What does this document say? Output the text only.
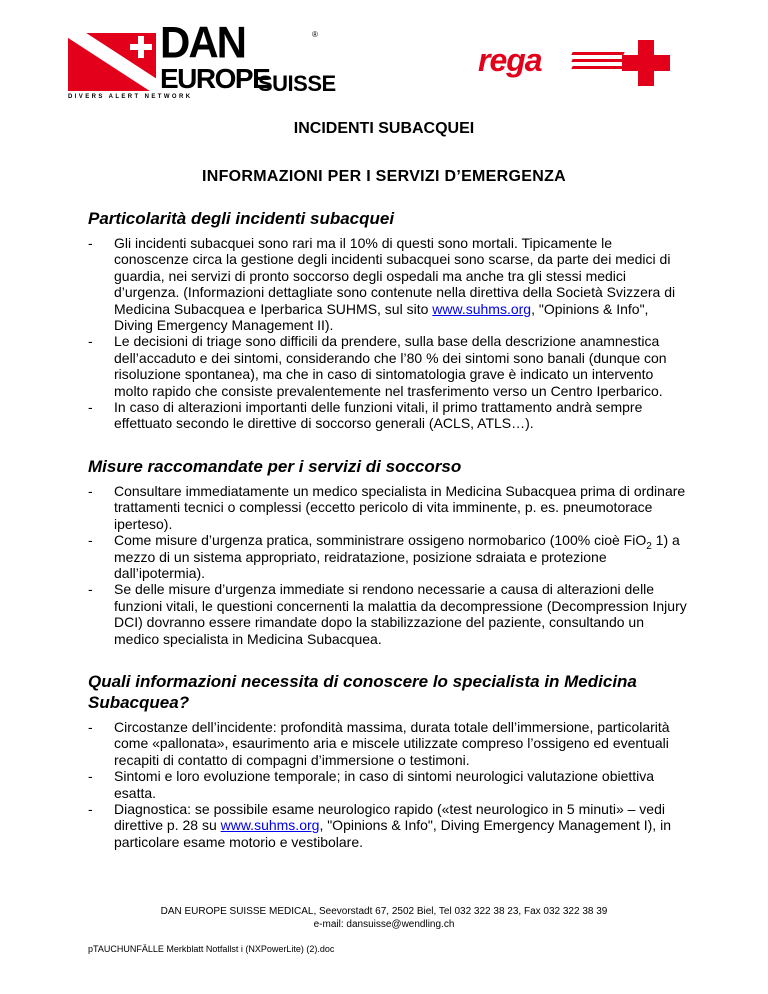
DAN	®
EUROPE
SUISSE
DIVERS ALERT NETWORK
rega
INCIDENTI SUBACQUEI
INFORMAZIONI PER I SERVIZI D’EMERGENZA
Particolarità degli incidenti subacquei
- Gli incidenti subacquei sono rari ma il 10% di questi sono mortali. Tipicamente le conoscenze circa la gestione degli incidenti subacquei sono scarse, da parte dei medici di guardia, nei servizi di pronto soccorso degli ospedali ma anche tra gli stessi medici d’urgenza. (Informazioni dettagliate sono contenute nella direttiva della Società Svizzera di Medicina Subacquea e Iperbarica SUHMS, sul sito www.suhms.org, "Opinions & Info", Diving Emergency Management II).
- Le decisioni di triage sono difficili da prendere, sulla base della descrizione anamnestica dell’accaduto e dei sintomi, considerando che l’80 % dei sintomi sono banali (dunque con risoluzione spontanea), ma che in caso di sintomatologia grave è indicato un intervento molto rapido che consiste prevalentemente nel trasferimento verso un Centro Iperbarico.
- In caso di alterazioni importanti delle funzioni vitali, il primo trattamento andrà sempre effettuato secondo le direttive di soccorso generali (ACLS, ATLS…).
Misure raccomandate per i servizi di soccorso
- Consultare immediatamente un medico specialista in Medicina Subacquea prima di ordinare trattamenti tecnici o complessi (eccetto pericolo di vita imminente, p. es. pneumotorace iperteso).
- Come misure d’urgenza pratica, somministrare ossigeno normobarico (100% cioè FiO$_2$ 1) a mezzo di un sistema appropriato, reidratazione, posizione sdraiata e protezione dall’ipotermia).
- Se delle misure d’urgenza immediate si rendono necessarie a causa di alterazioni delle funzioni vitali, le questioni concernenti la malattia da decompressione (Decompression Injury DCI) dovranno essere rimandate dopo la stabilizzazione del paziente, consultando un medico specialista in Medicina Subacquea.
Quali informazioni necessita di conoscere lo specialista in Medicina Subacquea?
- Circostanze dell’incidente: profondità massima, durata totale dell’immersione, particolarità come «pallonata», esaurimento aria e miscele utilizzate compreso l’ossigeno ed eventuali recapiti di contatto di compagni d’immersione o testimoni.
- Sintomi e loro evoluzione temporale; in caso di sintomi neurologici valutazione obiettiva esatta.
- Diagnostica: se possibile esame neurologico rapido («test neurologico in 5 minuti» – vedi direttive p. 28 su www.suhms.org, "Opinions & Info", Diving Emergency Management I), in particolare esame motorio e vestibolare.
DAN EUROPE SUISSE MEDICAL, Seevorstadt 67, 2502 Biel, Tel 032 322 38 23, Fax 032 322 38 39
e-mail: dansuisse@wendling.ch
pTAUCHUNFÄLLE Merkblatt Notfallst i (NXPowerLite) (2).doc
